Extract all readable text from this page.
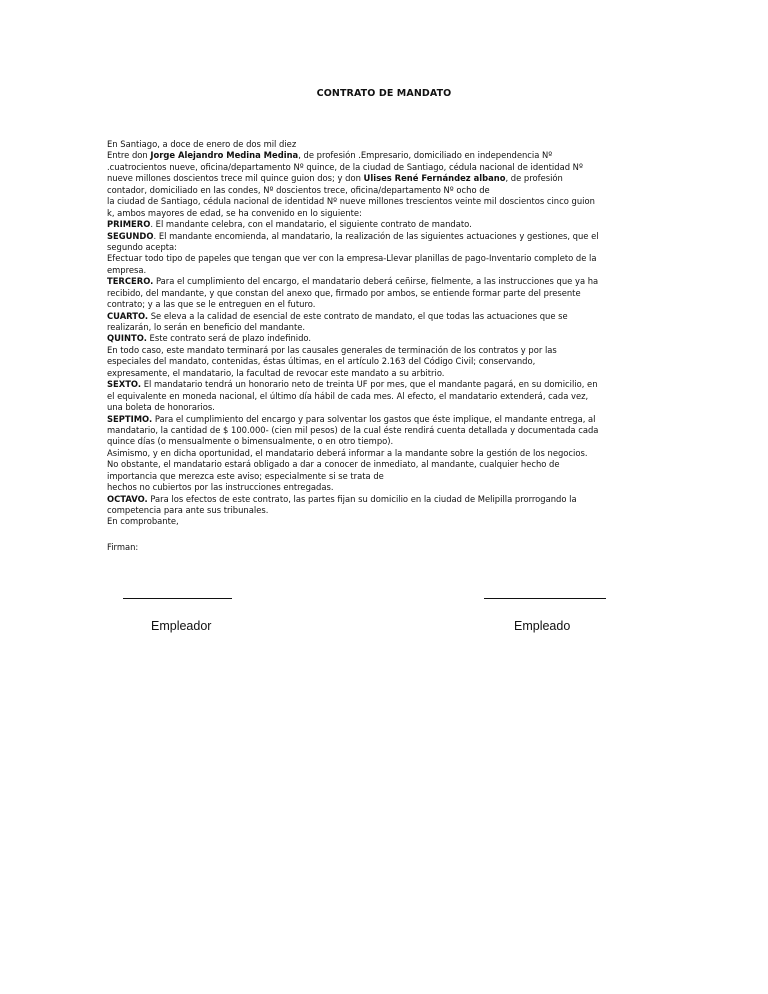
CONTRATO DE MANDATO
En Santiago, a doce de enero de dos mil diez
Entre don Jorge Alejandro Medina Medina, de profesión .Empresario, domiciliado en independencia Nº
.cuatrocientos nueve, oficina/departamento Nº quince, de la ciudad de Santiago, cédula nacional de identidad Nº
nueve millones doscientos trece mil quince guion dos; y don Ulises René Fernández albano, de profesión
contador, domiciliado en las condes, Nº doscientos trece, oficina/departamento Nº ocho de
la ciudad de Santiago, cédula nacional de identidad Nº nueve millones trescientos veinte mil doscientos cinco guion
k, ambos mayores de edad, se ha convenido en lo siguiente:
PRIMERO. El mandante celebra, con el mandatario, el siguiente contrato de mandato.
SEGUNDO. El mandante encomienda, al mandatario, la realización de las siguientes actuaciones y gestiones, que el
segundo acepta:
Efectuar todo tipo de papeles que tengan que ver con la empresa-Llevar planillas de pago-Inventario completo de la
empresa.
TERCERO. Para el cumplimiento del encargo, el mandatario deberá ceñirse, fielmente, a las instrucciones que ya ha
recibido, del mandante, y que constan del anexo que, firmado por ambos, se entiende formar parte del presente
contrato; y a las que se le entreguen en el futuro.
CUARTO. Se eleva a la calidad de esencial de este contrato de mandato, el que todas las actuaciones que se
realizarán, lo serán en beneficio del mandante.
QUINTO. Este contrato será de plazo indefinido.
En todo caso, este mandato terminará por las causales generales de terminación de los contratos y por las
especiales del mandato, contenidas, éstas últimas, en el artículo 2.163 del Código Civil; conservando,
expresamente, el mandatario, la facultad de revocar este mandato a su arbitrio.
SEXTO. El mandatario tendrá un honorario neto de treinta UF por mes, que el mandante pagará, en su domicilio, en
el equivalente en moneda nacional, el último día hábil de cada mes. Al efecto, el mandatario extenderá, cada vez,
una boleta de honorarios.
SEPTIMO. Para el cumplimiento del encargo y para solventar los gastos que éste implique, el mandante entrega, al
mandatario, la cantidad de $ 100.000- (cien mil pesos) de la cual éste rendirá cuenta detallada y documentada cada
quince días (o mensualmente o bimensualmente, o en otro tiempo).
Asimismo, y en dicha oportunidad, el mandatario deberá informar a la mandante sobre la gestión de los negocios.
No obstante, el mandatario estará obligado a dar a conocer de inmediato, al mandante, cualquier hecho de
importancia que merezca este aviso; especialmente si se trata de
hechos no cubiertos por las instrucciones entregadas.
OCTAVO. Para los efectos de este contrato, las partes fijan su domicilio en la ciudad de Melipilla prorrogando la
competencia para ante sus tribunales.
En comprobante,
Firman:
Empleador	Empleado
